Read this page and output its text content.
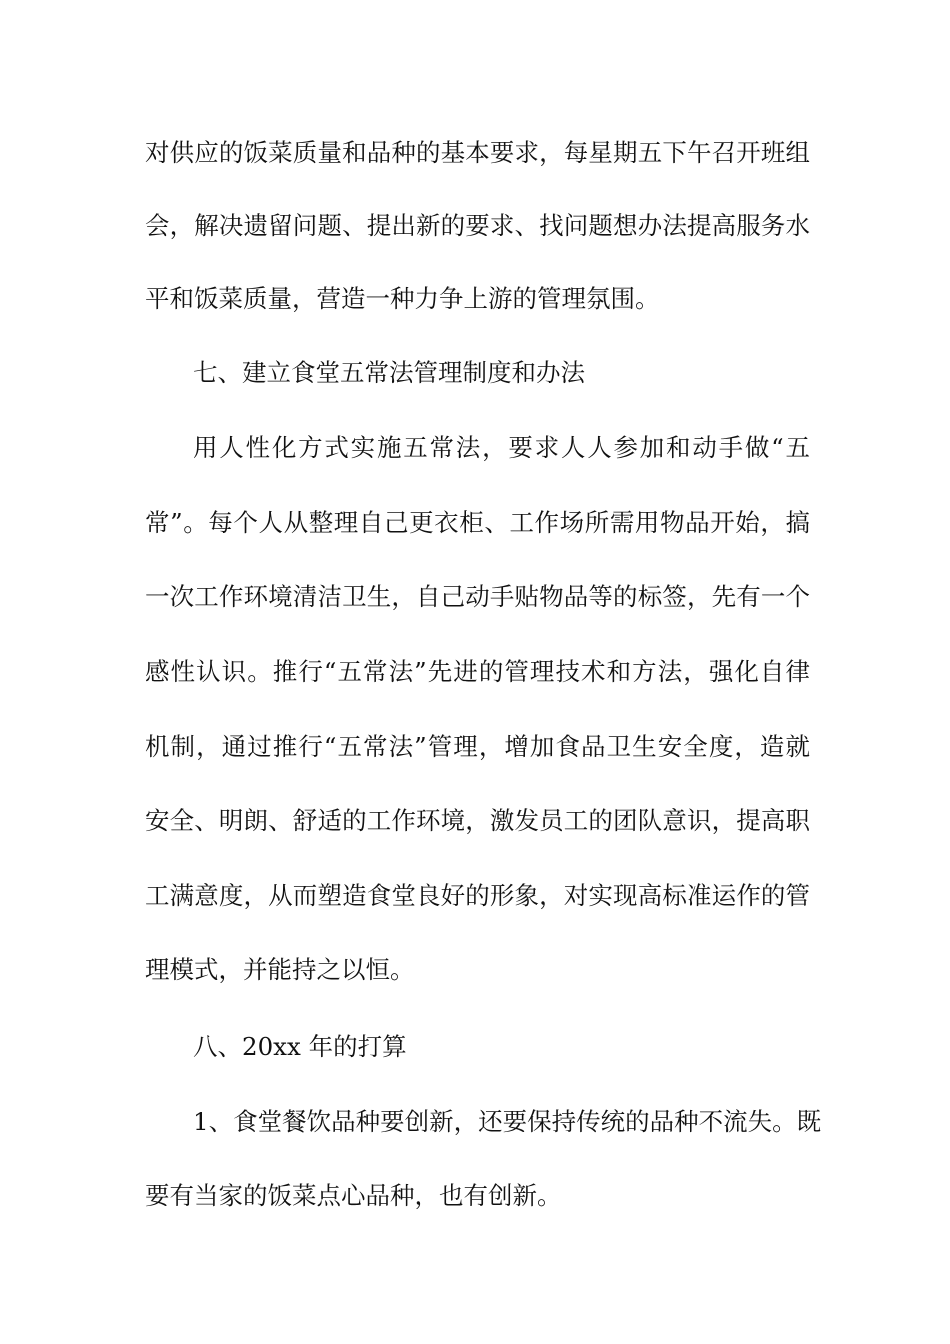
对供应的饭菜质量和品种的基本要求，每星期五下午召开班组

会，解决遗留问题、提出新的要求、找问题想办法提高服务水

平和饭菜质量，营造一种力争上游的管理氛围。

七、建立食堂五常法管理制度和办法

用人性化方式实施五常法，要求人人参加和动手做“五

常”。每个人从整理自己更衣柜、工作场所需用物品开始，搞

一次工作环境清洁卫生，自己动手贴物品等的标签，先有一个

感性认识。推行“五常法”先进的管理技术和方法，强化自律

机制，通过推行“五常法”管理，增加食品卫生安全度，造就

安全、明朗、舒适的工作环境，激发员工的团队意识，提高职

工满意度，从而塑造食堂良好的形象，对实现高标准运作的管

理模式，并能持之以恒。

八、20xx 年的打算

1、食堂餐饮品种要创新，还要保持传统的品种不流失。既

要有当家的饭菜点心品种，也有创新。
